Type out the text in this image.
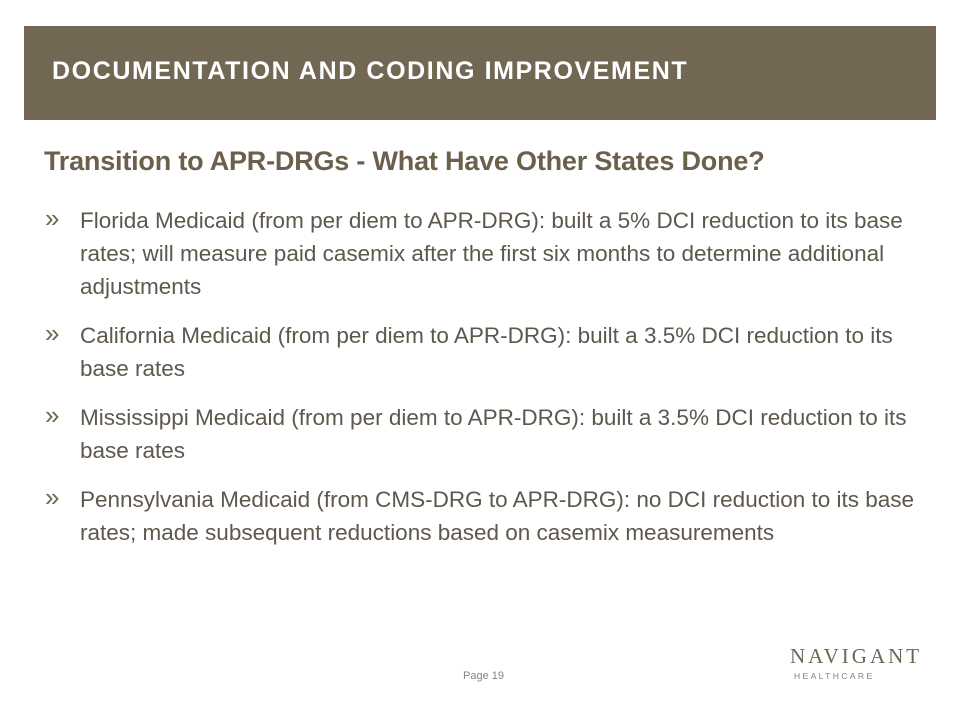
DOCUMENTATION AND CODING IMPROVEMENT
Transition to APR-DRGs - What Have Other States Done?
» Florida Medicaid (from per diem to APR-DRG): built a 5% DCI reduction to its base rates; will measure paid casemix after the first six months to determine additional adjustments
» California Medicaid (from per diem to APR-DRG): built a 3.5% DCI reduction to its base rates
» Mississippi Medicaid (from per diem to APR-DRG): built a 3.5% DCI reduction to its base rates
» Pennsylvania Medicaid (from CMS-DRG to APR-DRG): no DCI reduction to its base rates; made subsequent reductions based on casemix measurements
Page 19
NAVIGANT
HEALTHCARE
